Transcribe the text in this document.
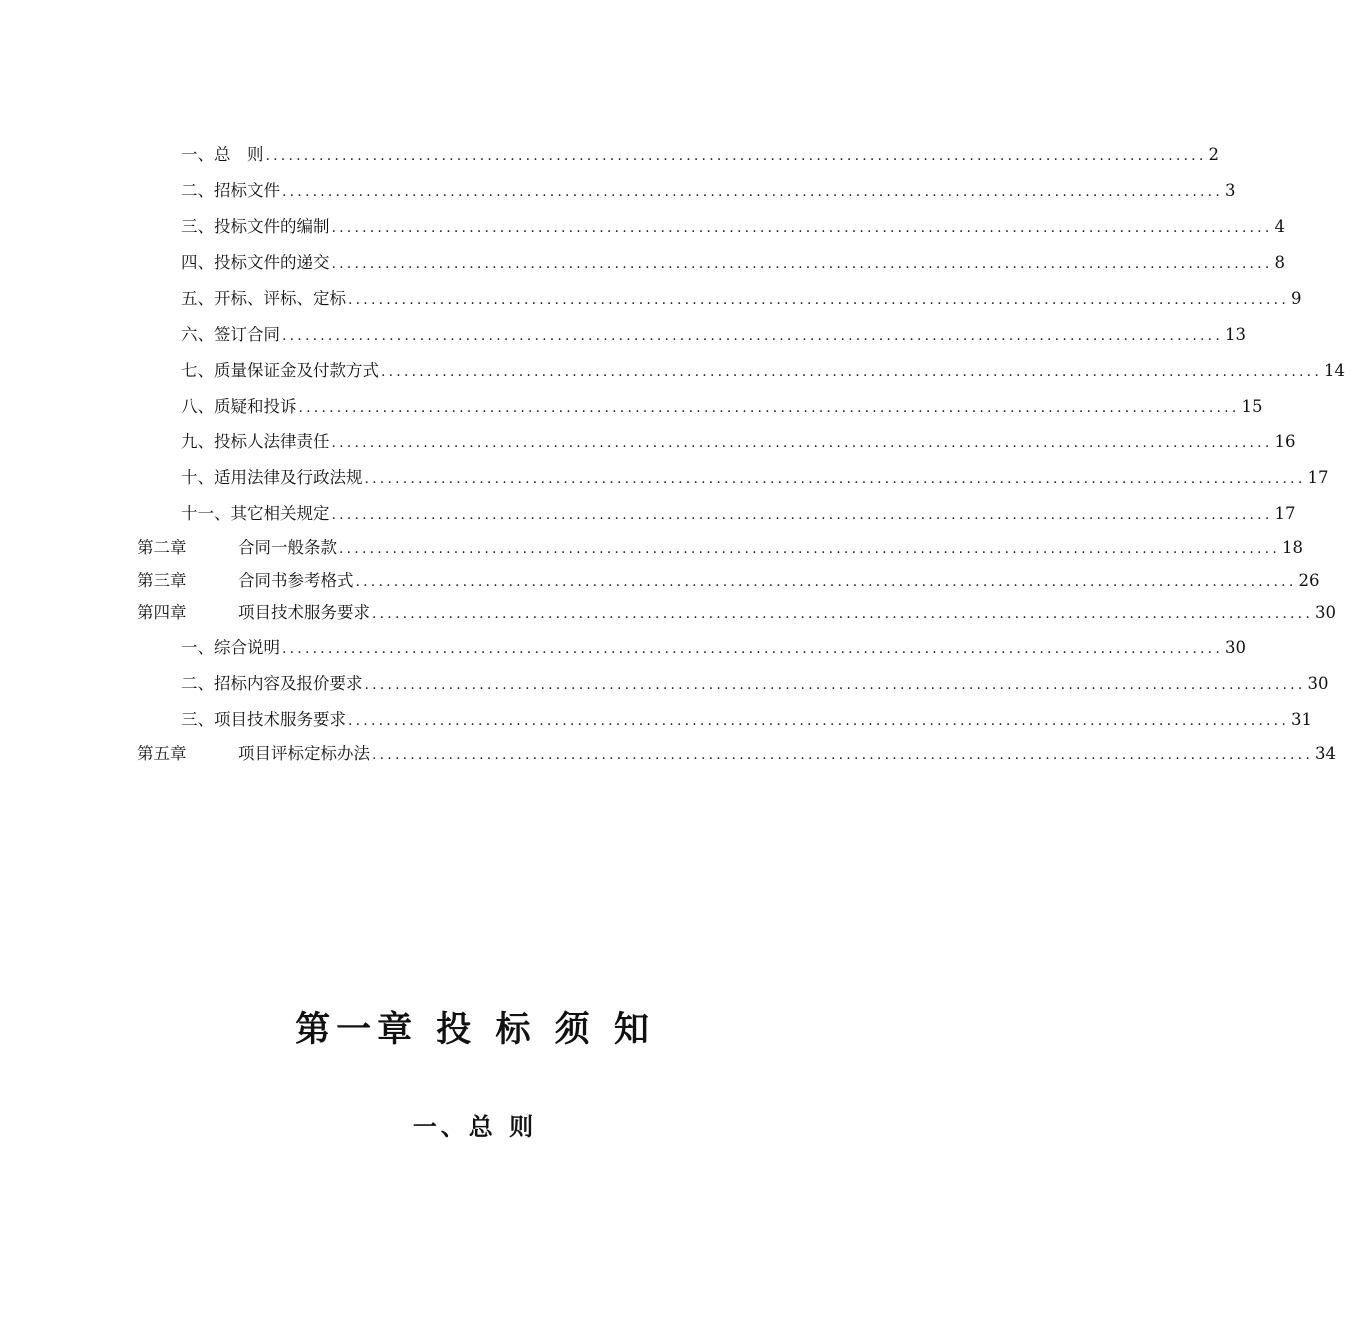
一、总　则 ........................................................................................................................... 2
二、招标文件 ........................................................................................................................... 3
三、投标文件的编制 ........................................................................................................................... 4
四、投标文件的递交 ........................................................................................................................... 8
五、开标、评标、定标 ........................................................................................................................... 9
六、签订合同 ........................................................................................................................... 13
七、质量保证金及付款方式 ........................................................................................................................... 14
八、质疑和投诉 ........................................................................................................................... 15
九、投标人法律责任 ........................................................................................................................... 16
十、适用法律及行政法规 ........................................................................................................................... 17
十一、其它相关规定 ........................................................................................................................... 17
第二章	合同一般条款 ........................................................................................................................... 18
第三章	合同书参考格式 ........................................................................................................................... 26
第四章	项目技术服务要求 ........................................................................................................................... 30
一、综合说明 ........................................................................................................................... 30
二、招标内容及报价要求 ........................................................................................................................... 30
三、项目技术服务要求 ........................................................................................................................... 31
第五章	项目评标定标办法 ........................................................................................................................... 34
第一章 投 标 须 知
一、总 则
